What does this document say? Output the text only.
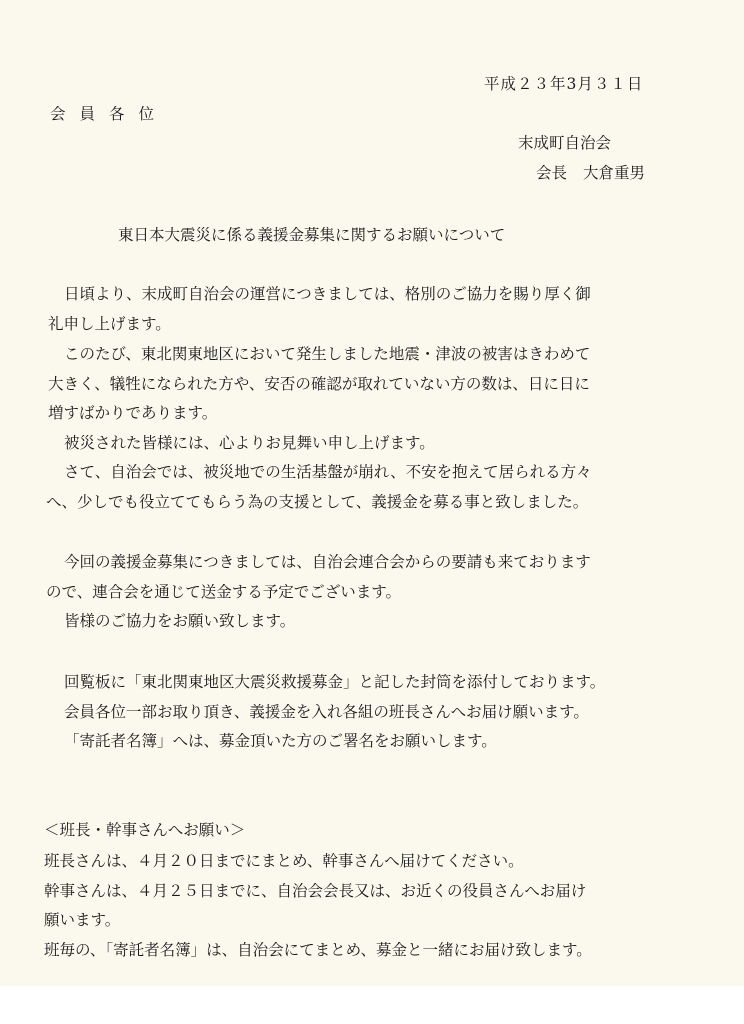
平成２３年3月３１日
会員各位
末成町自治会
会長 大倉重男
東日本大震災に係る義援金募集に関するお願いについて
日頃より、末成町自治会の運営につきましては、格別のご協力を賜り厚く御
礼申し上げます。
このたび、東北関東地区において発生しました地震・津波の被害はきわめて
大きく、犠牲になられた方や、安否の確認が取れていない方の数は、日に日に
増すばかりであります。
被災された皆様には、心よりお見舞い申し上げます。
さて、自治会では、被災地での生活基盤が崩れ、不安を抱えて居られる方々
へ、少しでも役立ててもらう為の支援として、義援金を募る事と致しました。
今回の義援金募集につきましては、自治会連合会からの要請も来ております
ので、連合会を通じて送金する予定でございます。
皆様のご協力をお願い致します。
回覧板に「東北関東地区大震災救援募金」と記した封筒を添付しております。
会員各位一部お取り頂き、義援金を入れ各組の班長さんへお届け願います。
「寄託者名簿」へは、募金頂いた方のご署名をお願いします。
＜班長・幹事さんへお願い＞
班長さんは、４月２０日までにまとめ、幹事さんへ届けてください。
幹事さんは、４月２５日までに、自治会会長又は、お近くの役員さんへお届け
願います。
班毎の、「寄託者名簿」は、自治会にてまとめ、募金と一緒にお届け致します。
